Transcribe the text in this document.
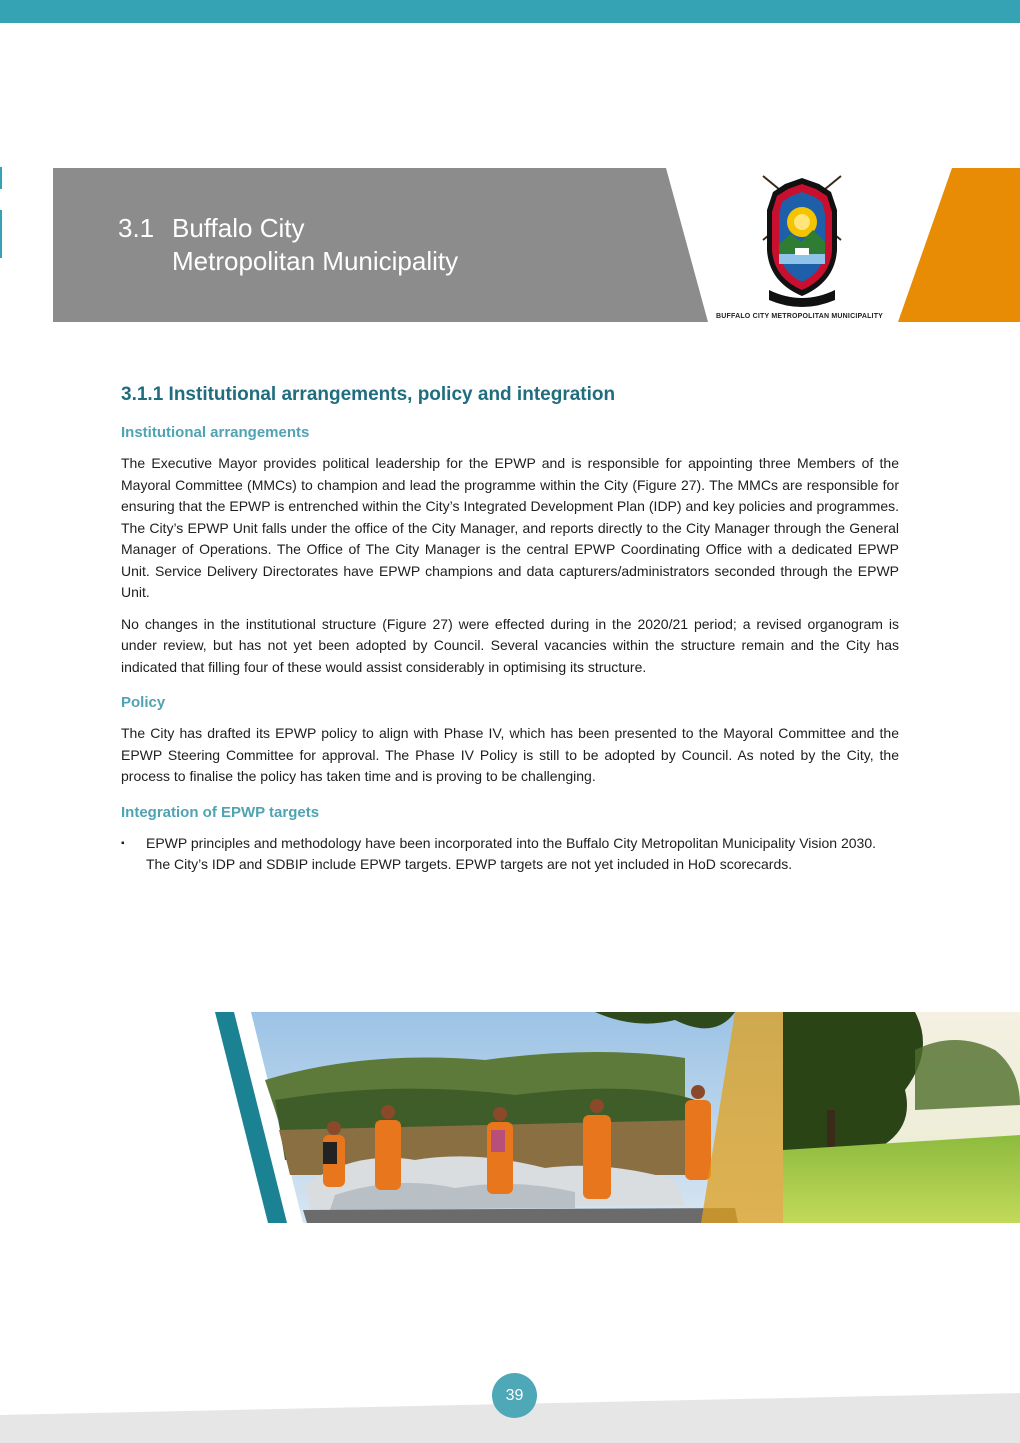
3.1 Buffalo City
Metropolitan Municipality
BUFFALO CITY METROPOLITAN MUNICIPALITY
3.1.1 Institutional arrangements, policy and integration
Institutional arrangements

The Executive Mayor provides political leadership for the EPWP and is responsible for appointing three Members of the Mayoral Committee (MMCs) to champion and lead the programme within the City (Figure 27). The MMCs are responsible for ensuring that the EPWP is entrenched within the City’s Integrated Development Plan (IDP) and key policies and programmes. The City’s EPWP Unit falls under the office of the City Manager, and reports directly to the City Manager through the General Manager of Operations. The Office of The City Manager is the central EPWP Coordinating Office with a dedicated EPWP Unit. Service Delivery Directorates have EPWP champions and data capturers/administrators seconded through the EPWP Unit.

No changes in the institutional structure (Figure 27) were effected during in the 2020/21 period; a revised organogram is under review, but has not yet been adopted by Council. Several vacancies within the structure remain and the City has indicated that filling four of these would assist considerably in optimising its structure.

Policy

The City has drafted its EPWP policy to align with Phase IV, which has been presented to the Mayoral Committee and the EPWP Steering Committee for approval. The Phase IV Policy is still to be adopted by Council. As noted by the City, the process to finalise the policy has taken time and is proving to be challenging.

Integration of EPWP targets
▪ EPWP principles and methodology have been incorporated into the Buffalo City Metropolitan Municipality Vision 2030. The City’s IDP and SDBIP include EPWP targets. EPWP targets are not yet included in HoD scorecards.
39
